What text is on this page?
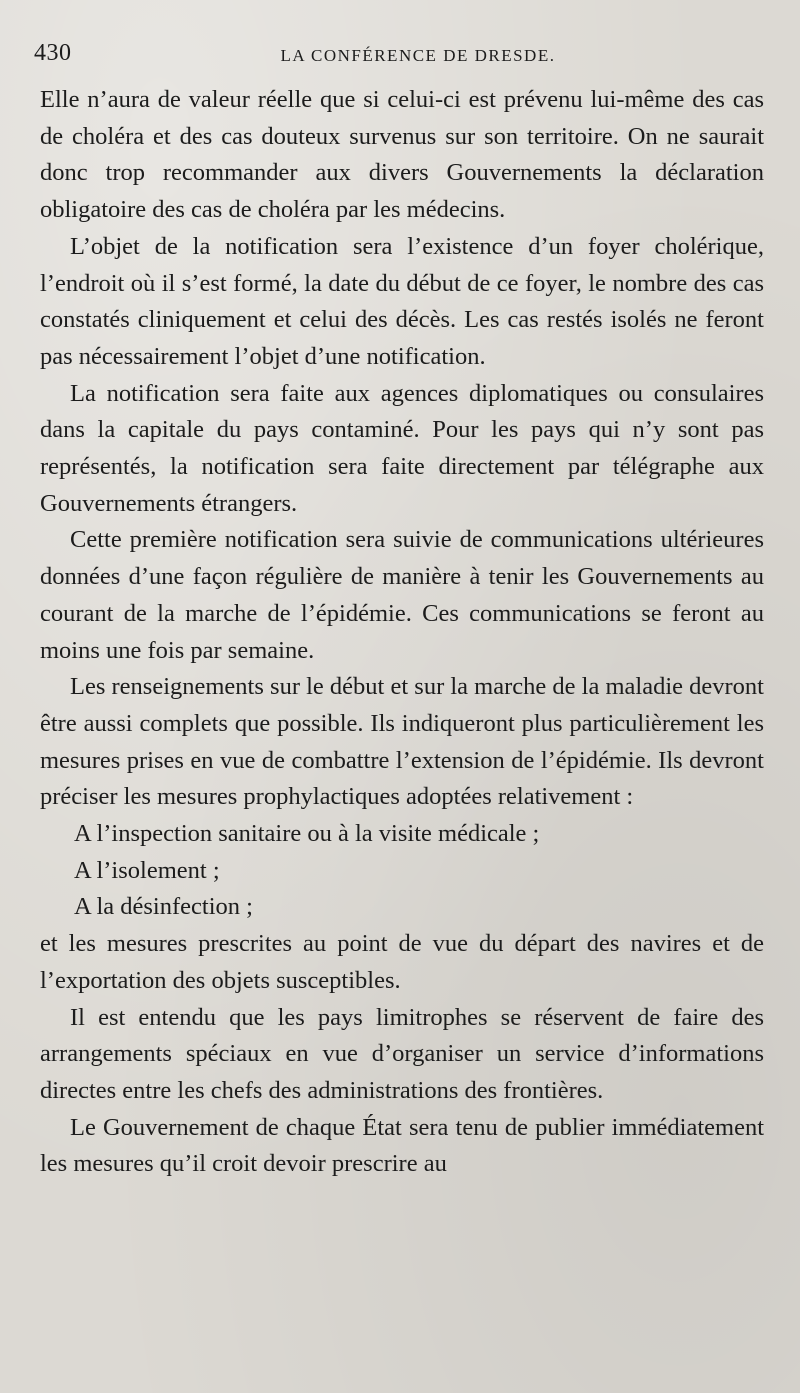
430	LA CONFÉRENCE DE DRESDE.

Elle n’aura de valeur réelle que si celui-ci est prévenu lui-même des cas de choléra et des cas douteux survenus sur son territoire. On ne saurait donc trop recommander aux divers Gouvernements la déclaration obligatoire des cas de choléra par les médecins.

L’objet de la notification sera l’existence d’un foyer cholérique, l’endroit où il s’est formé, la date du début de ce foyer, le nombre des cas constatés cliniquement et celui des décès. Les cas restés isolés ne feront pas nécessairement l’objet d’une notification.

La notification sera faite aux agences diplomatiques ou consulaires dans la capitale du pays contaminé. Pour les pays qui n’y sont pas représentés, la notification sera faite directement par télégraphe aux Gouvernements étrangers.

Cette première notification sera suivie de communications ultérieures données d’une façon régulière de manière à tenir les Gouvernements au courant de la marche de l’épidémie. Ces communications se feront au moins une fois par semaine.

Les renseignements sur le début et sur la marche de la maladie devront être aussi complets que possible. Ils indiqueront plus particulièrement les mesures prises en vue de combattre l’extension de l’épidémie. Ils devront préciser les mesures prophylactiques adoptées relativement :

A l’inspection sanitaire ou à la visite médicale ;

A l’isolement ;

A la désinfection ;

et les mesures prescrites au point de vue du départ des navires et de l’exportation des objets susceptibles.

Il est entendu que les pays limitrophes se réservent de faire des arrangements spéciaux en vue d’organiser un service d’informations directes entre les chefs des administrations des frontières.

Le Gouvernement de chaque État sera tenu de publier immédiatement les mesures qu’il croit devoir prescrire au
